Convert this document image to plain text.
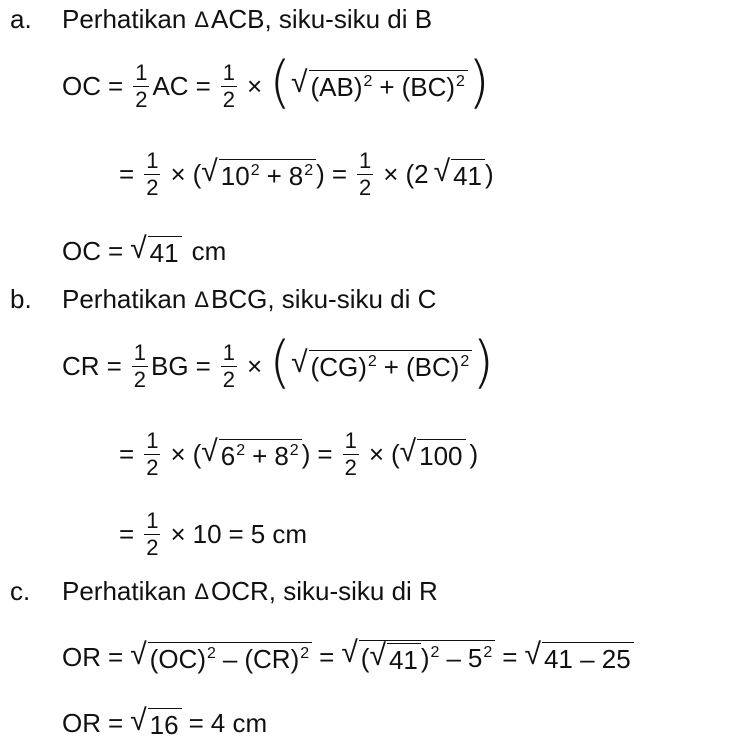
a. Perhatikan Δ ACB, siku-siku di B
OC = $\frac{1}{2}$ AC = $\frac{1}{2}$ × ( √ (AB)$^2$ + (BC)$^2$ )
= $\frac{1}{2}$ × ( √ $10^2 + 8^2$ ) = $\frac{1}{2}$ × ( 2 √ 41 )
OC = √ 41 cm
b. Perhatikan Δ BCG, siku-siku di C
CR = $\frac{1}{2}$ BG = $\frac{1}{2}$ × ( √ (CG)$^2$ + (BC)$^2$ )
= $\frac{1}{2}$ × ( √ $6^2 + 8^2$ ) = $\frac{1}{2}$ × ( √ 100 )
= $\frac{1}{2} \times 10 = 5$ cm
c. Perhatikan Δ OCR, siku-siku di R
OR = √ (OC)$^2$ – (CR)$^2$ = √ ( √ 41 )$^2 - 5^2$ = √ 41 – 25
OR = √ 16 = 4 cm
